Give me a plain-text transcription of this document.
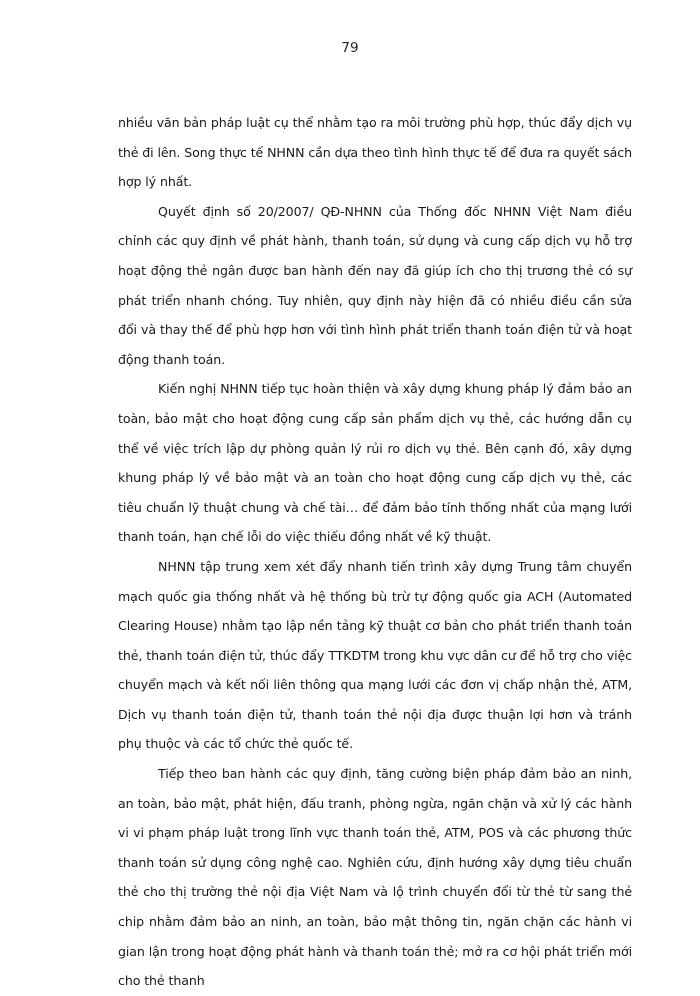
79

nhiều văn bản pháp luật cụ thể nhằm tạo ra môi trường phù hợp, thúc đẩy dịch vụ thẻ đi lên. Song thực tế NHNN cần dựa theo tình hình thực tế để đưa ra quyết sách hợp lý nhất.

Quyết định số 20/2007/ QĐ-NHNN của Thống đốc NHNN Việt Nam điều chỉnh các quy định về phát hành, thanh toán, sử dụng và cung cấp dịch vụ hỗ trợ hoạt động thẻ ngân được ban hành đến nay đã giúp ích cho thị trương thẻ có sự phát triển nhanh chóng. Tuy nhiên, quy định này hiện đã có nhiều điều cần sửa đổi và thay thế để phù hợp hơn với tình hình phát triển thanh toán điện tử và hoạt động thanh toán.

Kiến nghị NHNN tiếp tục hoàn thiện và xây dựng khung pháp lý đảm bảo an toàn, bảo mật cho hoạt động cung cấp sản phẩm dịch vụ thẻ, các hướng dẫn cụ thể về việc trích lập dự phòng quản lý rủi ro dịch vụ thẻ. Bên cạnh đó, xây dựng khung pháp lý về bảo mật và an toàn cho hoạt động cung cấp dịch vụ thẻ, các tiêu chuẩn lỹ thuật chung và chế tài… để đảm bảo tính thống nhất của mạng lưới thanh toán, hạn chế lỗi do việc thiếu đồng nhất về kỹ thuật.

NHNN tập trung xem xét đẩy nhanh tiến trình xây dựng Trung tâm chuyển mạch quốc gia thống nhất và hệ thống bù trừ tự động quốc gia ACH (Automated Clearing House) nhằm tạo lập nền tảng kỹ thuật cơ bản cho phát triển thanh toán thẻ, thanh toán điện tử, thúc đẩy TTKDTM trong khu vực dân cư để hỗ trợ cho việc chuyển mạch và kết nối liên thông qua mạng lưới các đơn vị chấp nhận thẻ, ATM, Dịch vụ thanh toán điện tử, thanh toán thẻ nội địa được thuận lợi hơn và tránh phụ thuộc và các tổ chức thẻ quốc tế.

Tiếp theo ban hành các quy định, tăng cường biện pháp đảm bảo an ninh, an toàn, bảo mật, phát hiện, đấu tranh, phòng ngừa, ngăn chặn và xử lý các hành vi vi phạm pháp luật trong lĩnh vực thanh toán thẻ, ATM, POS và các phương thức thanh toán sử dụng công nghệ cao. Nghiên cứu, định hướng xây dựng tiêu chuẩn thẻ cho thị trường thẻ nội địa Việt Nam và lộ trình chuyển đổi từ thẻ từ sang thẻ chip nhằm đảm bảo an ninh, an toàn, bảo mật thông tin, ngăn chặn các hành vi gian lận trong hoạt động phát hành và thanh toán thẻ; mở ra cơ hội phát triển mới cho thẻ thanh
